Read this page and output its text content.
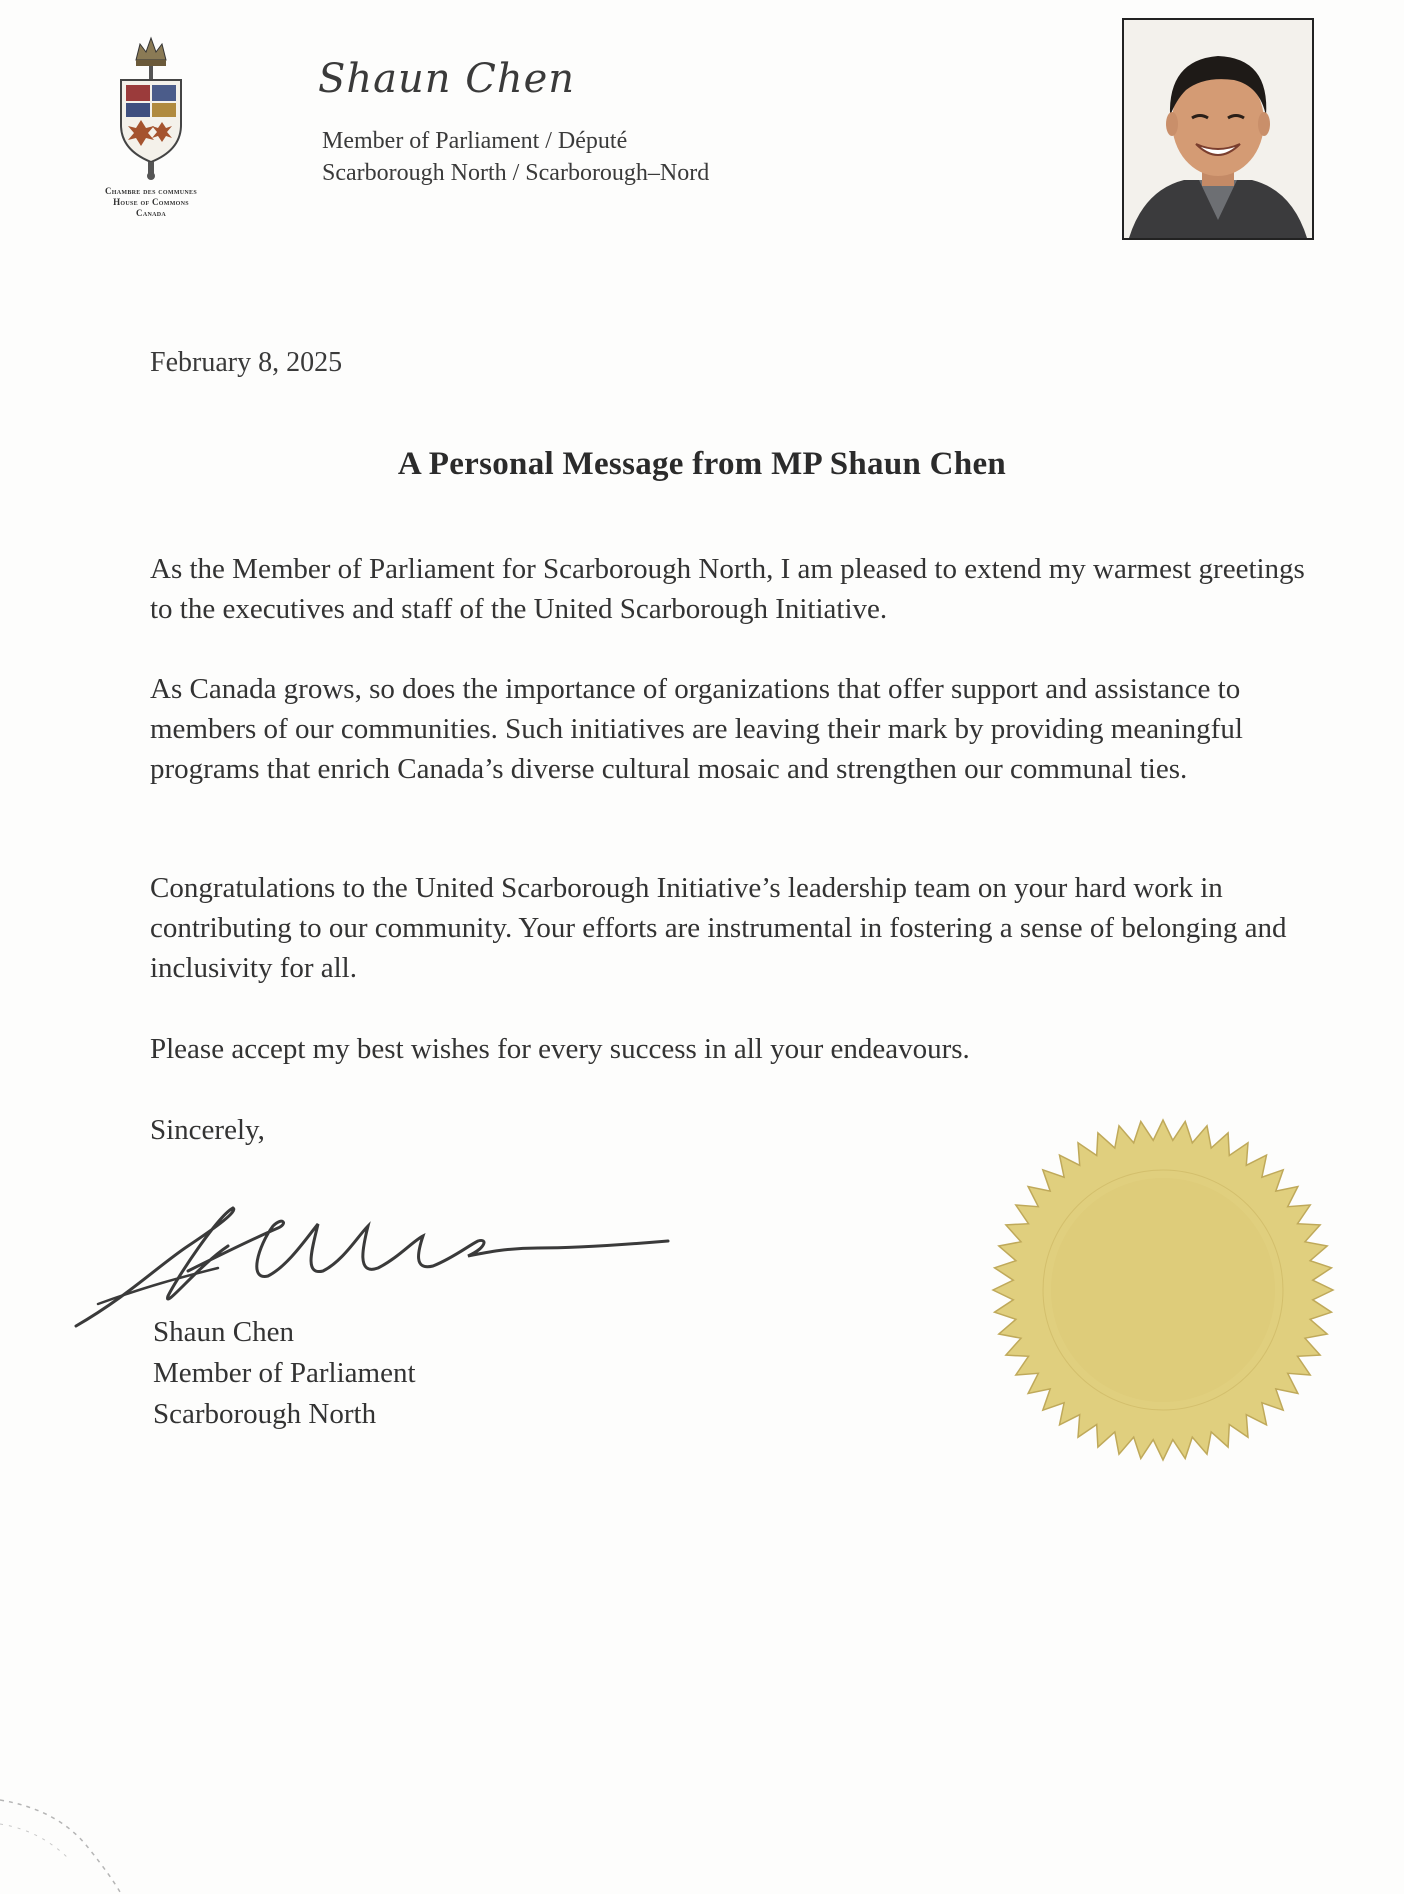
Chambre des communes
House of Commons
Canada
Shaun Chen
Member of Parliament / Député
Scarborough North / Scarborough–Nord
February 8, 2025
A Personal Message from MP Shaun Chen
As the Member of Parliament for Scarborough North, I am pleased to extend my warmest greetings to the executives and staff of the United Scarborough Initiative.
As Canada grows, so does the importance of organizations that offer support and assistance to members of our communities. Such initiatives are leaving their mark by providing meaningful programs that enrich Canada’s diverse cultural mosaic and strengthen our communal ties.
Congratulations to the United Scarborough Initiative’s leadership team on your hard work in contributing to our community. Your efforts are instrumental in fostering a sense of belonging and inclusivity for all.
Please accept my best wishes for every success in all your endeavours.
Sincerely,
Shaun Chen
Member of Parliament
Scarborough North
